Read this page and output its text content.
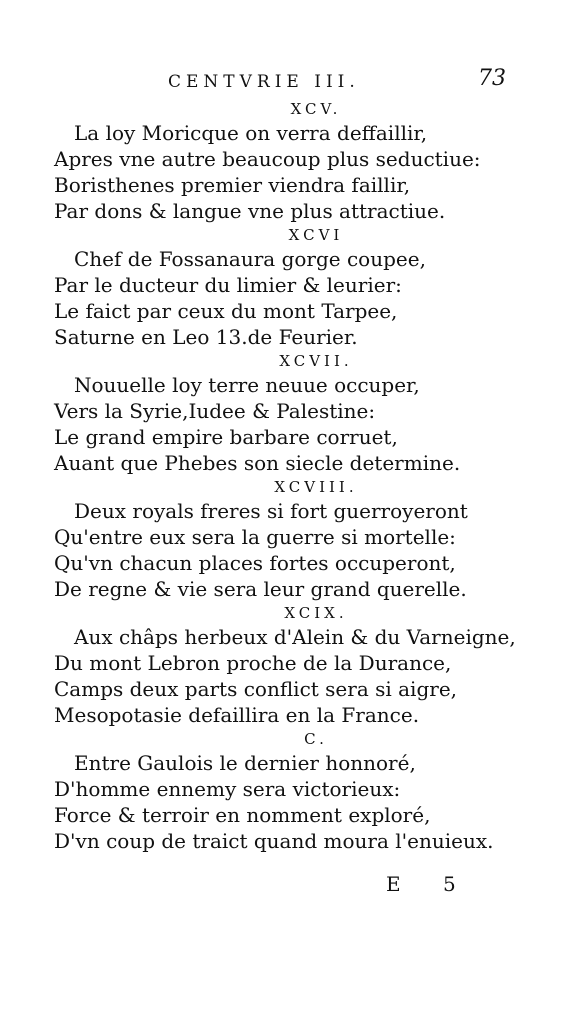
CENTVRIE III.	73
XCV.
La loy Moricque on verra deffaillir,
Apres vne autre beaucoup plus seductiue:
Boristhenes premier viendra faillir,
Par dons & langue vne plus attractiue.
XCVI
Chef de Fossanaura gorge coupee,
Par le ducteur du limier & leurier:
Le faict par ceux du mont Tarpee,
Saturne en Leo 13.de Feurier.
XCVII.
Nouuelle loy terre neuue occuper,
Vers la Syrie,Iudee & Palestine:
Le grand empire barbare corruet,
Auant que Phebes son siecle determine.
XCVIII.
Deux royals freres si fort guerroyeront
Qu'entre eux sera la guerre si mortelle:
Qu'vn chacun places fortes occuperont,
De regne & vie sera leur grand querelle.
XCIX.
Aux châps herbeux d'Alein & du Varneigne,
Du mont Lebron proche de la Durance,
Camps deux parts conflict sera si aigre,
Mesopotasie defaillira en la France.
C.
Entre Gaulois le dernier honnoré,
D'homme ennemy sera victorieux:
Force & terroir en nomment exploré,
D'vn coup de traict quand moura l'enuieux.
E 5
